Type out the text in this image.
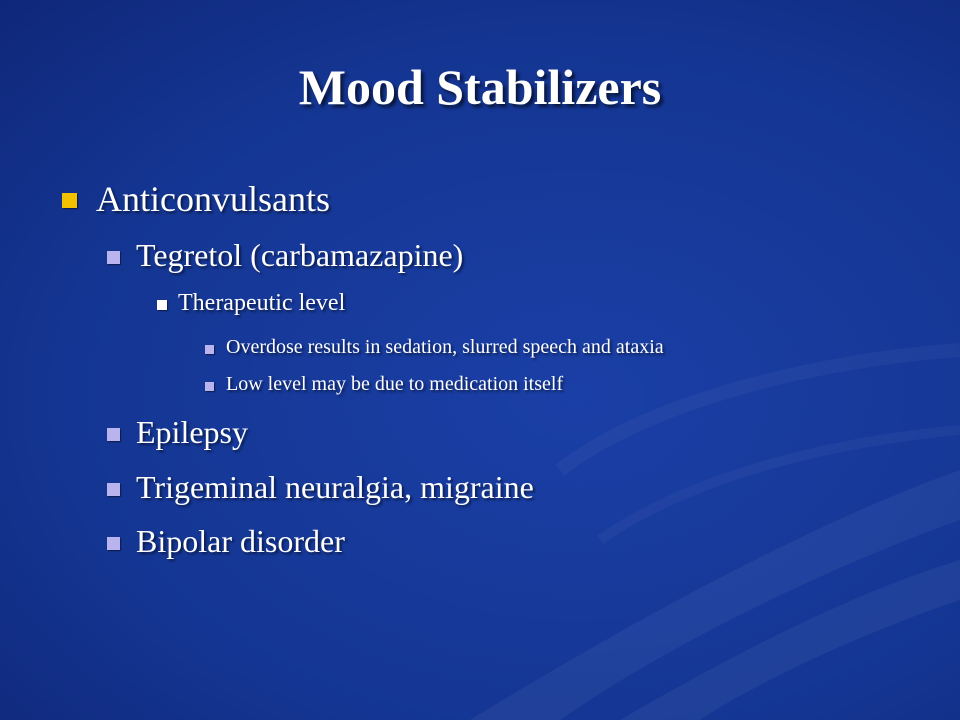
Mood Stabilizers
Anticonvulsants
Tegretol (carbamazapine)
Therapeutic level
Overdose results in sedation, slurred speech and ataxia
Low level may be due to medication itself
Epilepsy
Trigeminal neuralgia, migraine
Bipolar disorder
